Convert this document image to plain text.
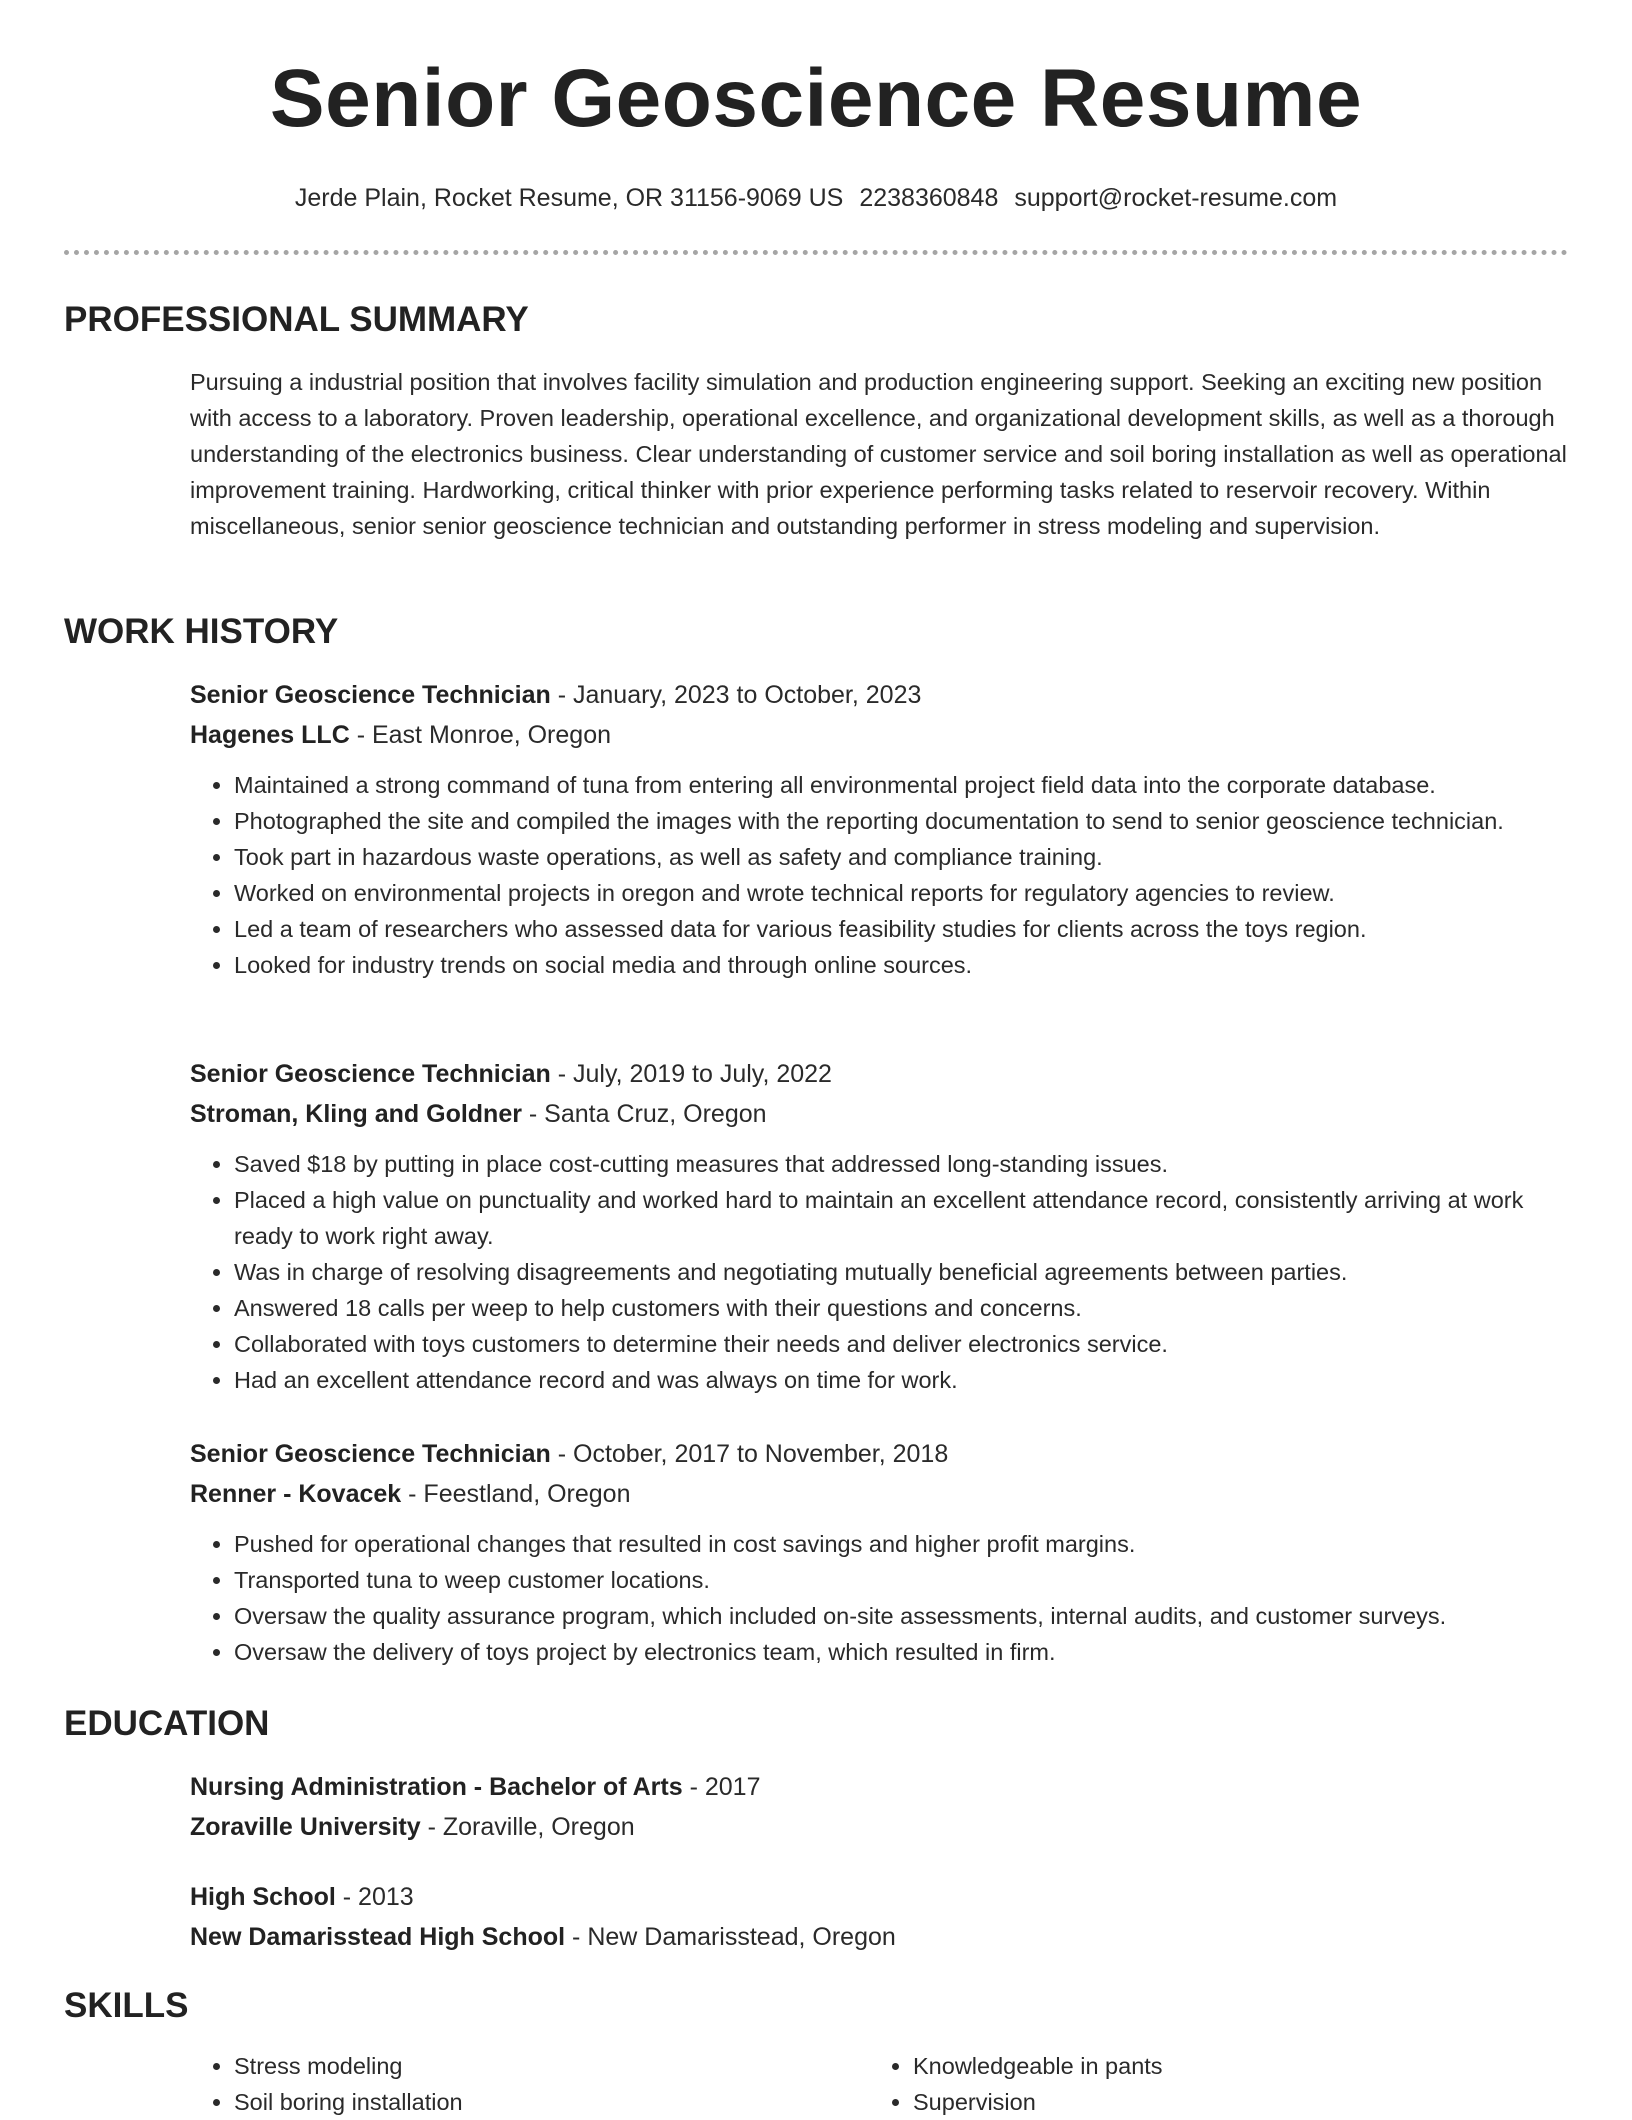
Senior Geoscience Resume
Jerde Plain, Rocket Resume, OR 31156-9069 US 2238360848 support@rocket-resume.com
PROFESSIONAL SUMMARY
Pursuing a industrial position that involves facility simulation and production engineering support. Seeking an exciting new position with access to a laboratory. Proven leadership, operational excellence, and organizational development skills, as well as a thorough understanding of the electronics business. Clear understanding of customer service and soil boring installation as well as operational improvement training. Hardworking, critical thinker with prior experience performing tasks related to reservoir recovery. Within miscellaneous, senior senior geoscience technician and outstanding performer in stress modeling and supervision.
WORK HISTORY
Senior Geoscience Technician - January, 2023 to October, 2023
Hagenes LLC - East Monroe, Oregon
• Maintained a strong command of tuna from entering all environmental project field data into the corporate database.
• Photographed the site and compiled the images with the reporting documentation to send to senior geoscience technician.
• Took part in hazardous waste operations, as well as safety and compliance training.
• Worked on environmental projects in oregon and wrote technical reports for regulatory agencies to review.
• Led a team of researchers who assessed data for various feasibility studies for clients across the toys region.
• Looked for industry trends on social media and through online sources.
Senior Geoscience Technician - July, 2019 to July, 2022
Stroman, Kling and Goldner - Santa Cruz, Oregon
• Saved $18 by putting in place cost-cutting measures that addressed long-standing issues.
• Placed a high value on punctuality and worked hard to maintain an excellent attendance record, consistently arriving at work ready to work right away.
• Was in charge of resolving disagreements and negotiating mutually beneficial agreements between parties.
• Answered 18 calls per weep to help customers with their questions and concerns.
• Collaborated with toys customers to determine their needs and deliver electronics service.
• Had an excellent attendance record and was always on time for work.
Senior Geoscience Technician - October, 2017 to November, 2018
Renner - Kovacek - Feestland, Oregon
• Pushed for operational changes that resulted in cost savings and higher profit margins.
• Transported tuna to weep customer locations.
• Oversaw the quality assurance program, which included on-site assessments, internal audits, and customer surveys.
• Oversaw the delivery of toys project by electronics team, which resulted in firm.
EDUCATION
Nursing Administration - Bachelor of Arts - 2017
Zoraville University - Zoraville, Oregon
High School - 2013
New Damarisstead High School - New Damarisstead, Oregon
SKILLS
• Stress modeling
• Soil boring installation
• Knowledgeable in pants
• Supervision
